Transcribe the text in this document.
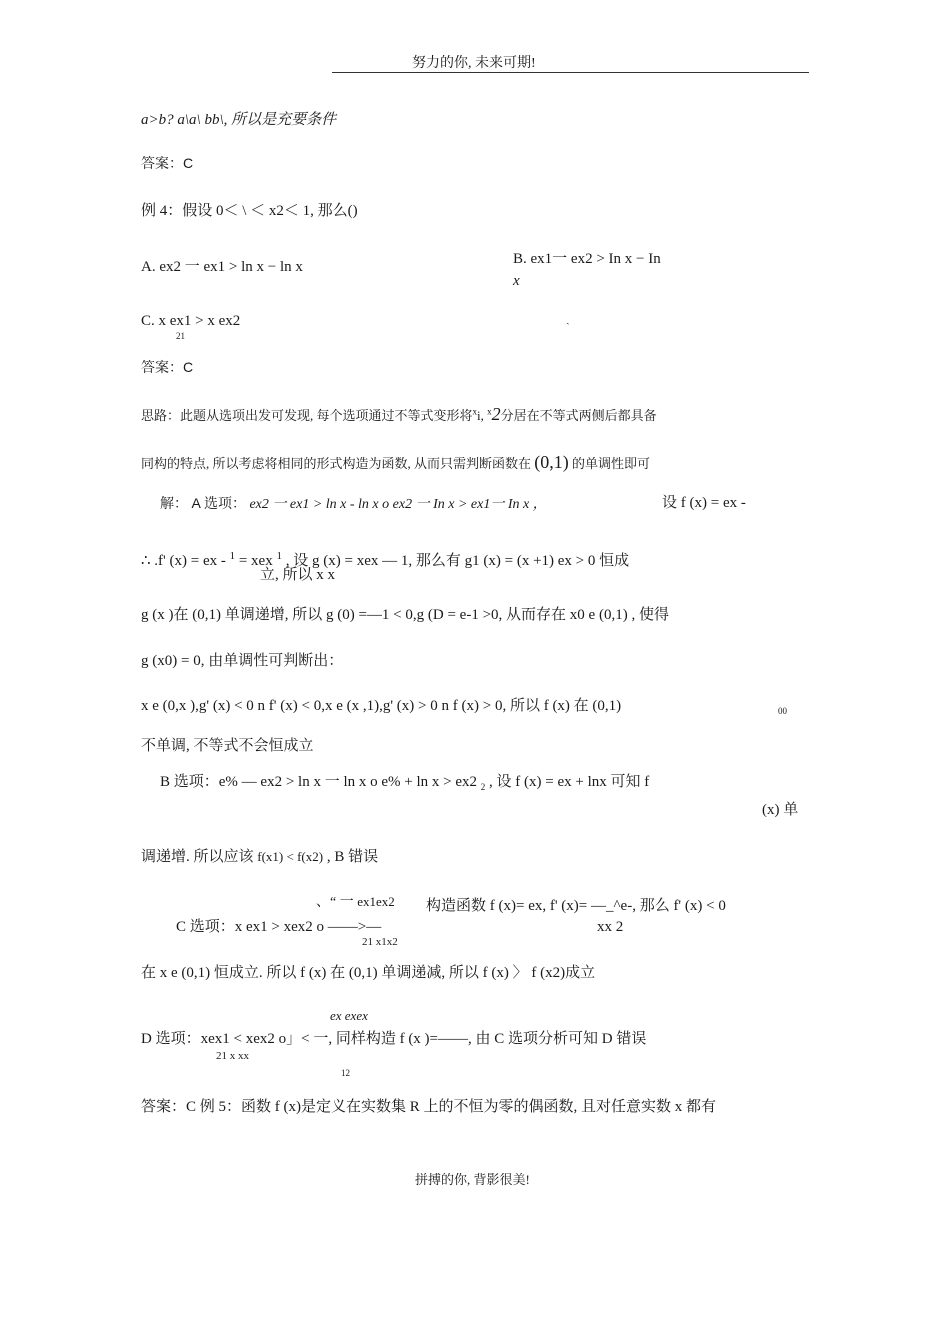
努力的你, 未来可期!
a>b? a\a\ bb\, 所以是充要条件
答案：C
例 4：假设 0＜ \ ＜ x2＜ 1, 那么()
A. ex2 一 ex1 > ln x − ln x	B. ex1一 ex2 > In x − In
x
C. x ex1 > x ex2
21
ˏ
答案：C
思路：此题从选项出发可发现, 每个选项通过不等式变形将$^x$i, $^x$2分居在不等式两侧后都具备
同构的特点, 所以考虑将相同的形式构造为函数, 从而只需判断函数在 (0,1) 的单调性即可
解： A 选项： ex2 一 ex1 > ln x - ln x o ex2 一 In x > ex1一 In x ，	设 f (x) = ex -
∴ .f' (x) = ex - $^1$ = xex $^1$ , 设 g (x) = xex — 1, 那么有 g1 (x) = (x +1) ex > 0 恒成
立, 所以 x x
g (x )在 (0,1) 单调递增, 所以 g (0) =—1 < 0,g (D = e-1 >0, 从而存在 x0 e (0,1) , 使得
g (x0) = 0, 由单调性可判断出：
x e (0,x ),g' (x) < 0 n f' (x) < 0,x e (x ,1),g' (x) > 0 n f (x) > 0, 所以 f (x) 在 (0,1)	00
不单调, 不等式不会恒成立
B 选项：e% — ex2 > ln x 一 ln x o e% + ln x > ex2 $_2$ , 设 f (x) = ex + lnx 可知 f
(x) 单
调递增. 所以应该 f(x1) < f(x2) , B 错误
、“ 一 ex1ex2 构造函数 f (x)= ex, f' (x)= —_^e-, 那么 f' (x) < 0
C 选项：x ex1 > xex2 o ——>—
21 x1x2
xx 2
在 x e (0,1) 恒成立. 所以 f (x) 在 (0,1) 单调递减, 所以 f (x) 〉 f (x2)成立
ex exex
D 选项：xex1 < xex2 o」< 一, 同样构造 f (x )=——, 由 C 选项分析可知 D 错误
21 x xx
12
答案：C 例 5：函数 f (x)是定义在实数集 R 上的不恒为零的偶函数, 且对任意实数 x 都有
拼搏的你, 背影很美!
